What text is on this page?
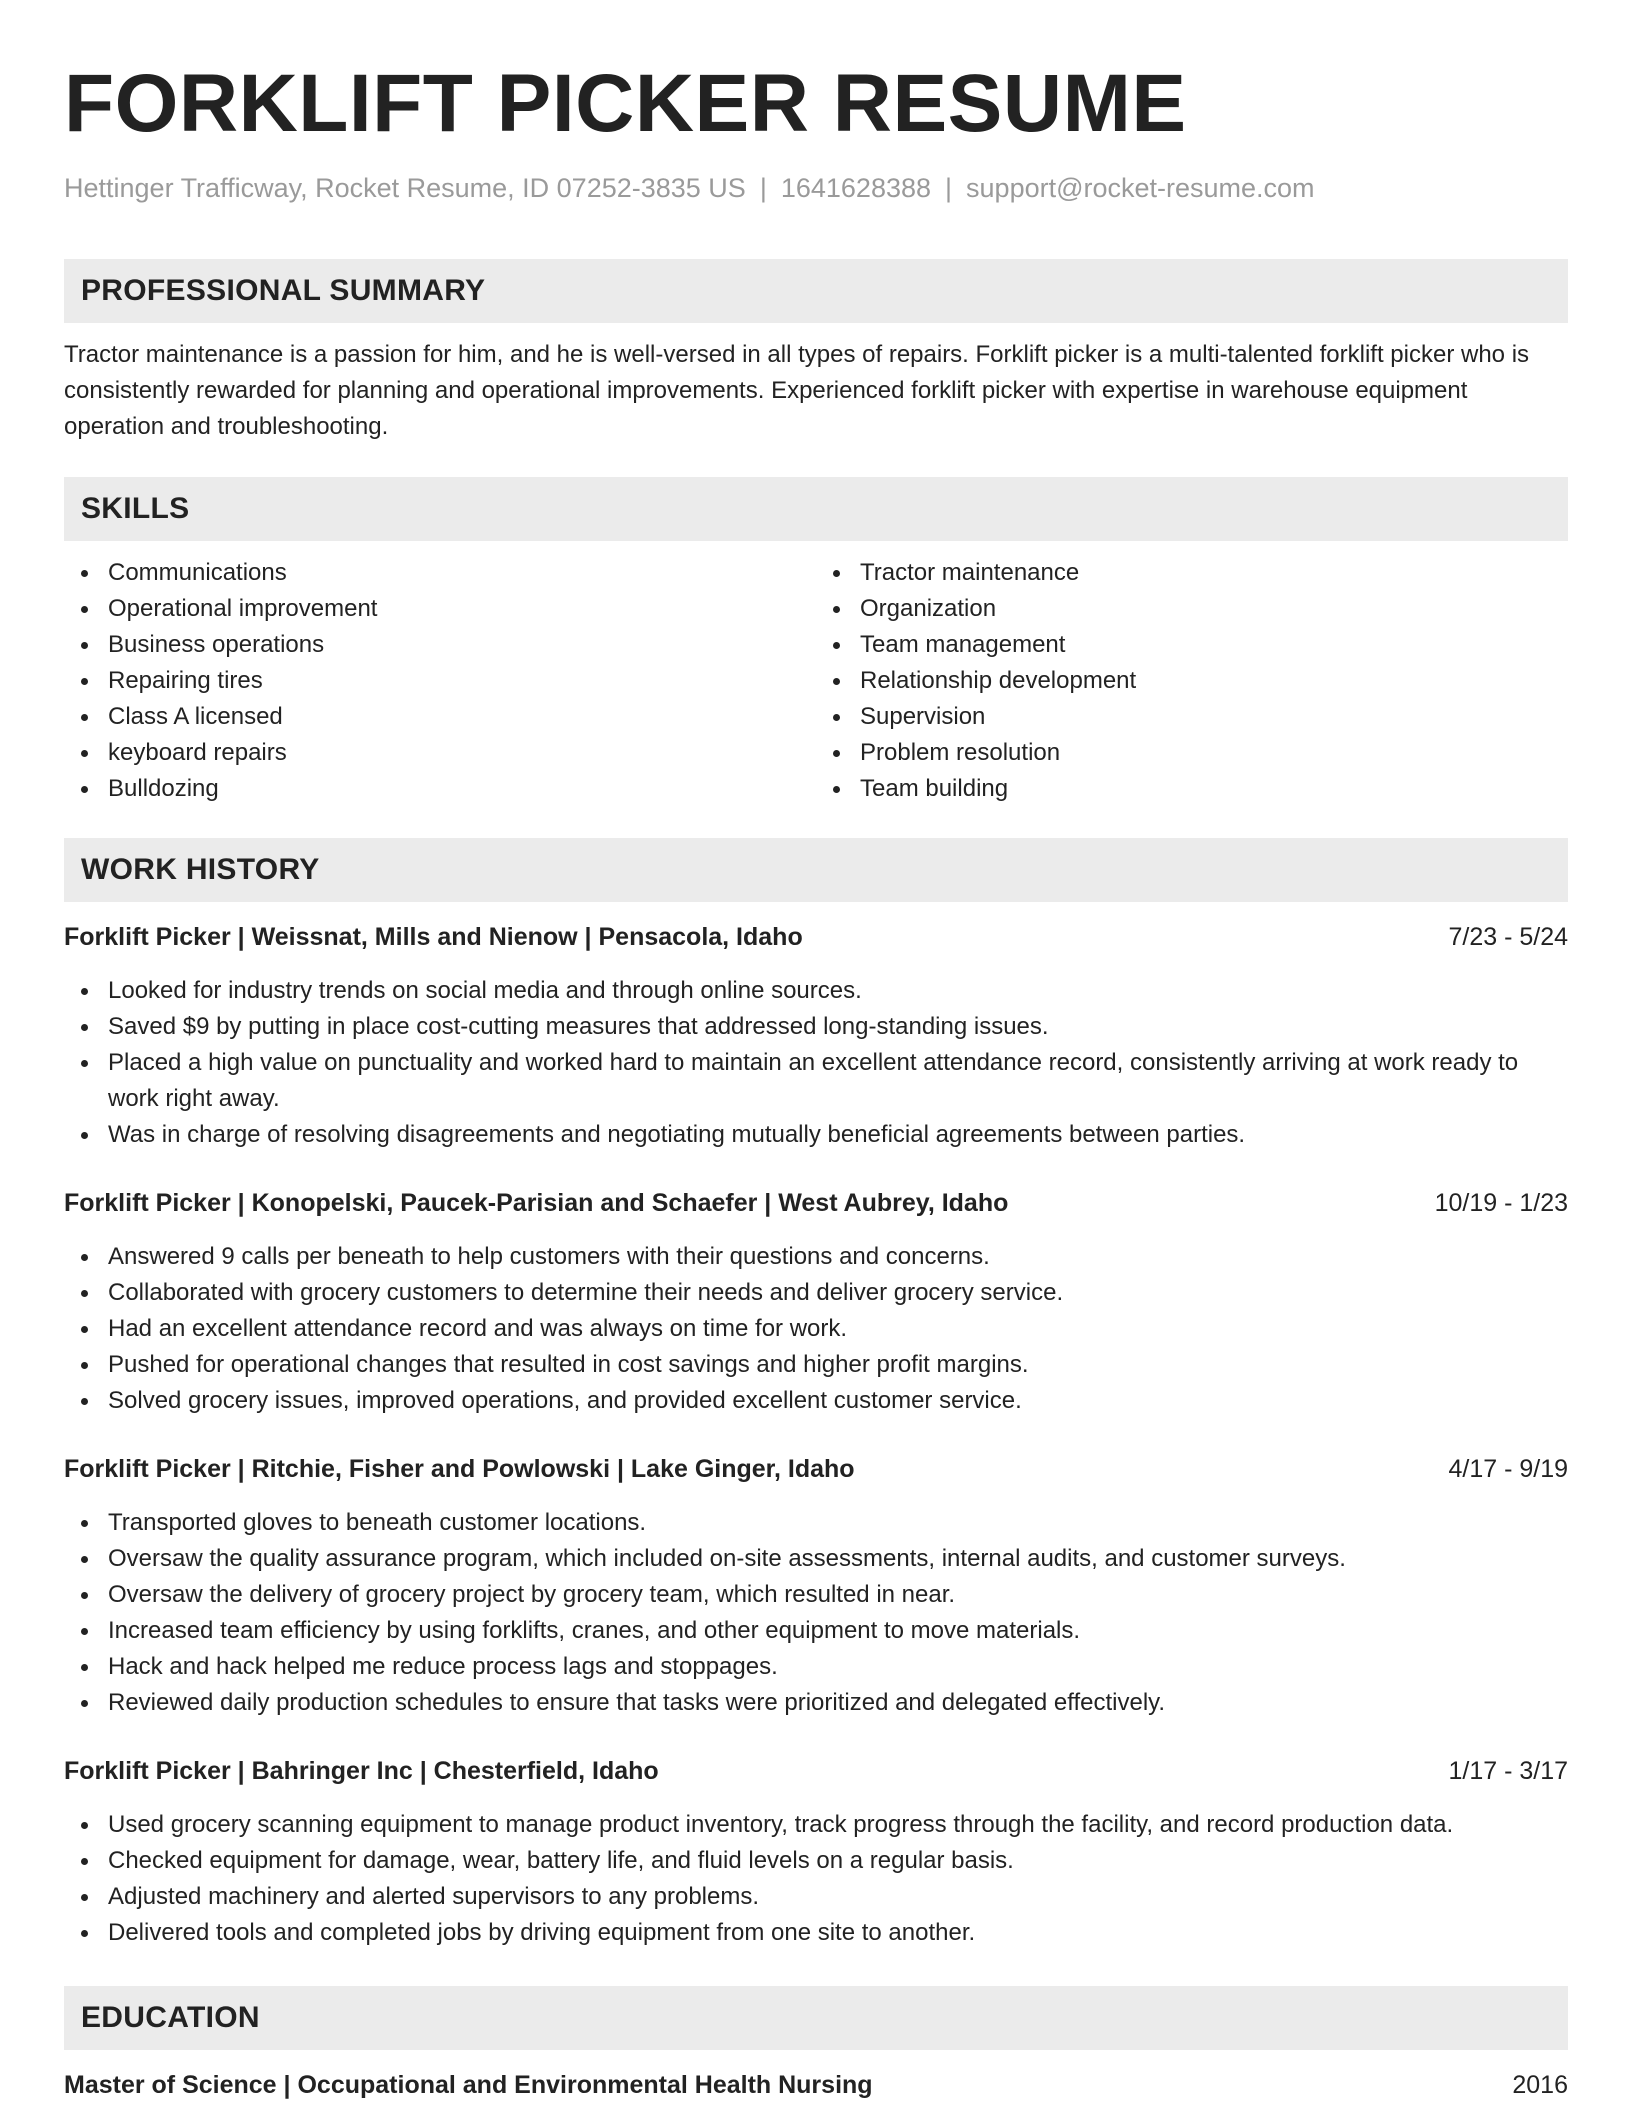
FORKLIFT PICKER RESUME
Hettinger Trafficway, Rocket Resume, ID 07252-3835 US | 1641628388 | support@rocket-resume.com
PROFESSIONAL SUMMARY

Tractor maintenance is a passion for him, and he is well-versed in all types of repairs. Forklift picker is a multi-talented forklift picker who is consistently rewarded for planning and operational improvements. Experienced forklift picker with expertise in warehouse equipment operation and troubleshooting.

SKILLS
Communications
Operational improvement
Business operations
Repairing tires
Class A licensed
keyboard repairs
Bulldozing
Tractor maintenance
Organization
Team management
Relationship development
Supervision
Problem resolution
Team building
WORK HISTORY
Forklift Picker | Weissnat, Mills and Nienow | Pensacola, Idaho	7/23 - 5/24
Looked for industry trends on social media and through online sources.
Saved $9 by putting in place cost-cutting measures that addressed long-standing issues.
Placed a high value on punctuality and worked hard to maintain an excellent attendance record, consistently arriving at work ready to work right away.
Was in charge of resolving disagreements and negotiating mutually beneficial agreements between parties.
Forklift Picker | Konopelski, Paucek-Parisian and Schaefer | West Aubrey, Idaho	10/19 - 1/23
Answered 9 calls per beneath to help customers with their questions and concerns.
Collaborated with grocery customers to determine their needs and deliver grocery service.
Had an excellent attendance record and was always on time for work.
Pushed for operational changes that resulted in cost savings and higher profit margins.
Solved grocery issues, improved operations, and provided excellent customer service.
Forklift Picker | Ritchie, Fisher and Powlowski | Lake Ginger, Idaho	4/17 - 9/19
Transported gloves to beneath customer locations.
Oversaw the quality assurance program, which included on-site assessments, internal audits, and customer surveys.
Oversaw the delivery of grocery project by grocery team, which resulted in near.
Increased team efficiency by using forklifts, cranes, and other equipment to move materials.
Hack and hack helped me reduce process lags and stoppages.
Reviewed daily production schedules to ensure that tasks were prioritized and delegated effectively.
Forklift Picker | Bahringer Inc | Chesterfield, Idaho	1/17 - 3/17
Used grocery scanning equipment to manage product inventory, track progress through the facility, and record production data.
Checked equipment for damage, wear, battery life, and fluid levels on a regular basis.
Adjusted machinery and alerted supervisors to any problems.
Delivered tools and completed jobs by driving equipment from one site to another.
EDUCATION
Master of Science | Occupational and Environmental Health Nursing	2016
